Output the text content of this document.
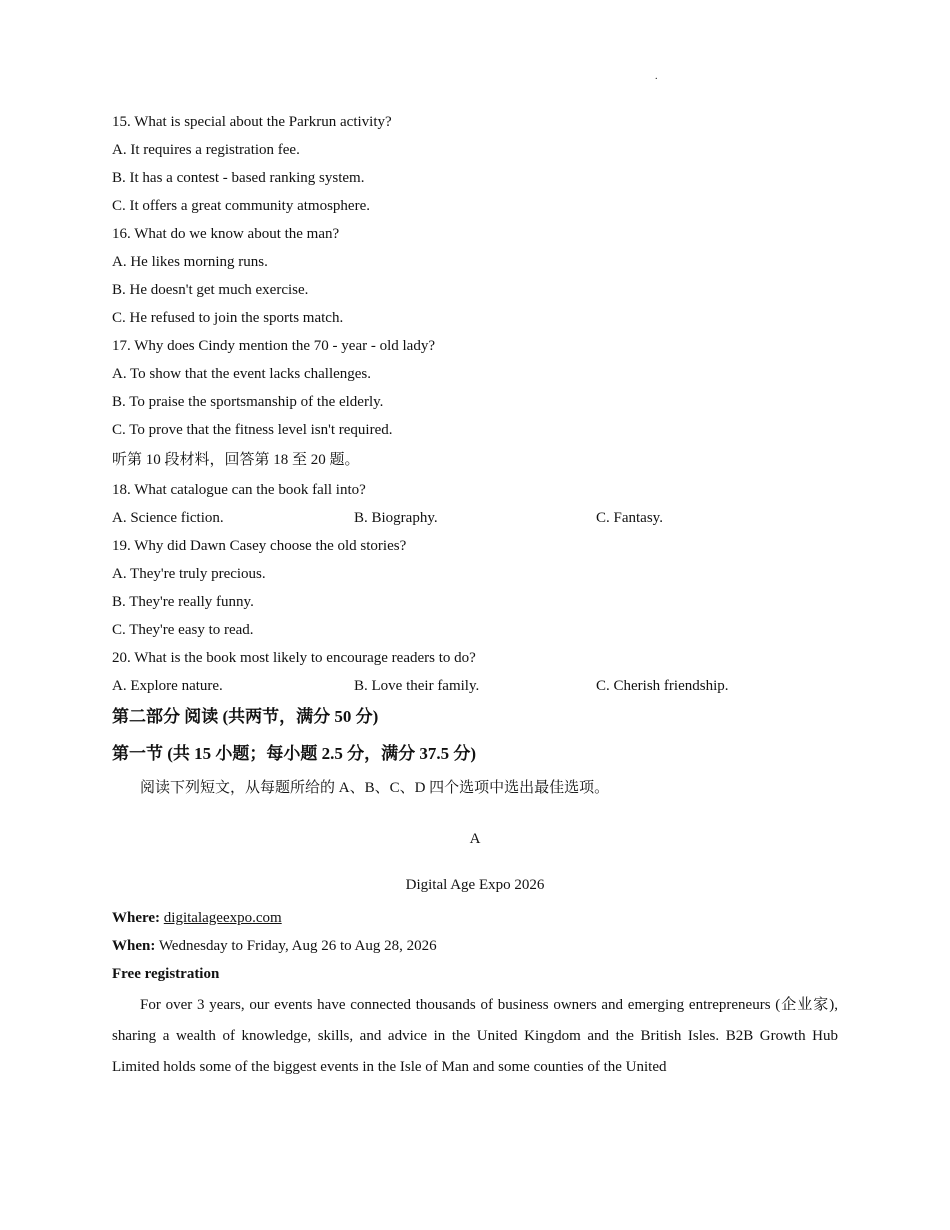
.
15. What is special about the Parkrun activity?
A. It requires a registration fee.
B. It has a contest - based ranking system.
C. It offers a great community atmosphere.
16. What do we know about the man?
A. He likes morning runs.
B. He doesn't get much exercise.
C. He refused to join the sports match.
17. Why does Cindy mention the 70 - year - old lady?
A. To show that the event lacks challenges.
B. To praise the sportsmanship of the elderly.
C. To prove that the fitness level isn't required.
听第 10 段材料，回答第 18 至 20 题。
18. What catalogue can the book fall into?
A. Science fiction.	B. Biography.	C. Fantasy.
19. Why did Dawn Casey choose the old stories?
A. They're truly precious.
B. They're really funny.
C. They're easy to read.
20. What is the book most likely to encourage readers to do?
A. Explore nature.	B. Love their family.	C. Cherish friendship.
第二部分 阅读 (共两节，满分 50 分)
第一节 (共 15 小题；每小题 2.5 分，满分 37.5 分)
阅读下列短文，从每题所给的 A、B、C、D 四个选项中选出最佳选项。
A
Digital Age Expo 2026
Where: digitalageexpo.com
When: Wednesday to Friday, Aug 26 to Aug 28, 2026
Free registration
For over 3 years, our events have connected thousands of business owners and emerging entrepreneurs (企业家), sharing a wealth of knowledge, skills, and advice in the United Kingdom and the British Isles. B2B Growth Hub Limited holds some of the biggest events in the Isle of Man and some counties of the United
